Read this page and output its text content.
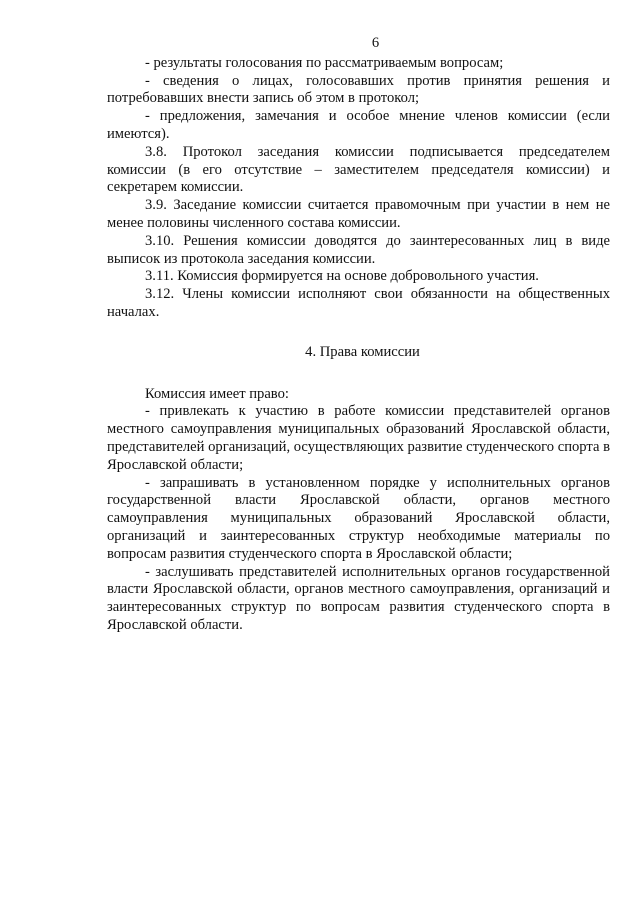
6

- результаты голосования по рассматриваемым вопросам;

- сведения о лицах, голосовавших против принятия решения и потребовавших внести запись об этом в протокол;

- предложения, замечания и особое мнение членов комиссии (если имеются).

3.8. Протокол заседания комиссии подписывается председателем комиссии (в его отсутствие – заместителем председателя комиссии) и секретарем комиссии.

3.9. Заседание комиссии считается правомочным при участии в нем не менее половины численного состава комиссии.

3.10. Решения комиссии доводятся до заинтересованных лиц в виде выписок из протокола заседания комиссии.

3.11. Комиссия формируется на основе добровольного участия.

3.12. Члены комиссии исполняют свои обязанности на общественных началах.

4. Права комиссии

Комиссия имеет право:

- привлекать к участию в работе комиссии представителей органов местного самоуправления муниципальных образований Ярославской области, представителей организаций, осуществляющих развитие студенческого спорта в Ярославской области;

- запрашивать в установленном порядке у исполнительных органов государственной власти Ярославской области, органов местного самоуправления муниципальных образований Ярославской области, организаций и заинтересованных структур необходимые материалы по вопросам развития студенческого спорта в Ярославской области;

- заслушивать представителей исполнительных органов государственной власти Ярославской области, органов местного самоуправления, организаций и заинтересованных структур по вопросам развития студенческого спорта в Ярославской области.
